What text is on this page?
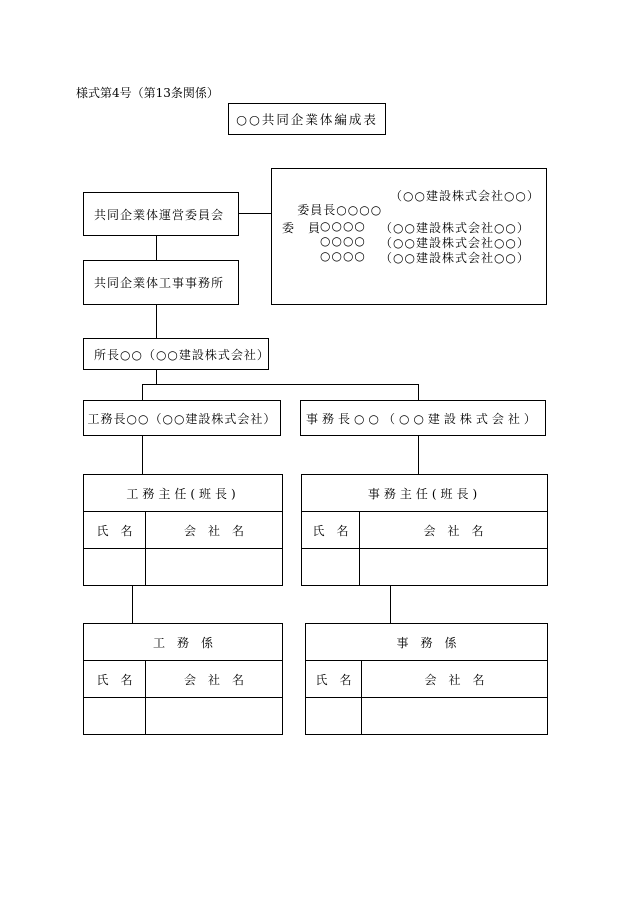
様式第4号（第13条関係）
○○共同企業体編成表
共同企業体運営委員会	委員長○○○○

（○○建設株式会社○○）
委　員
○○○○ （○○建設株式会社○○）
○○○○ （○○建設株式会社○○）
○○○○ （○○建設株式会社○○）
共同企業体工事事務所
所長○○（○○建設株式会社）
工務長○○（○○建設株式会社） 事務長○○（○○建設株式会社）
工務主任(班長)	
氏　名	会　社　名

事務主任(班長)	
氏　名	会　社　名

工　務　係	
氏　名	会　社　名

事　務　係	
氏　名	会　社　名
